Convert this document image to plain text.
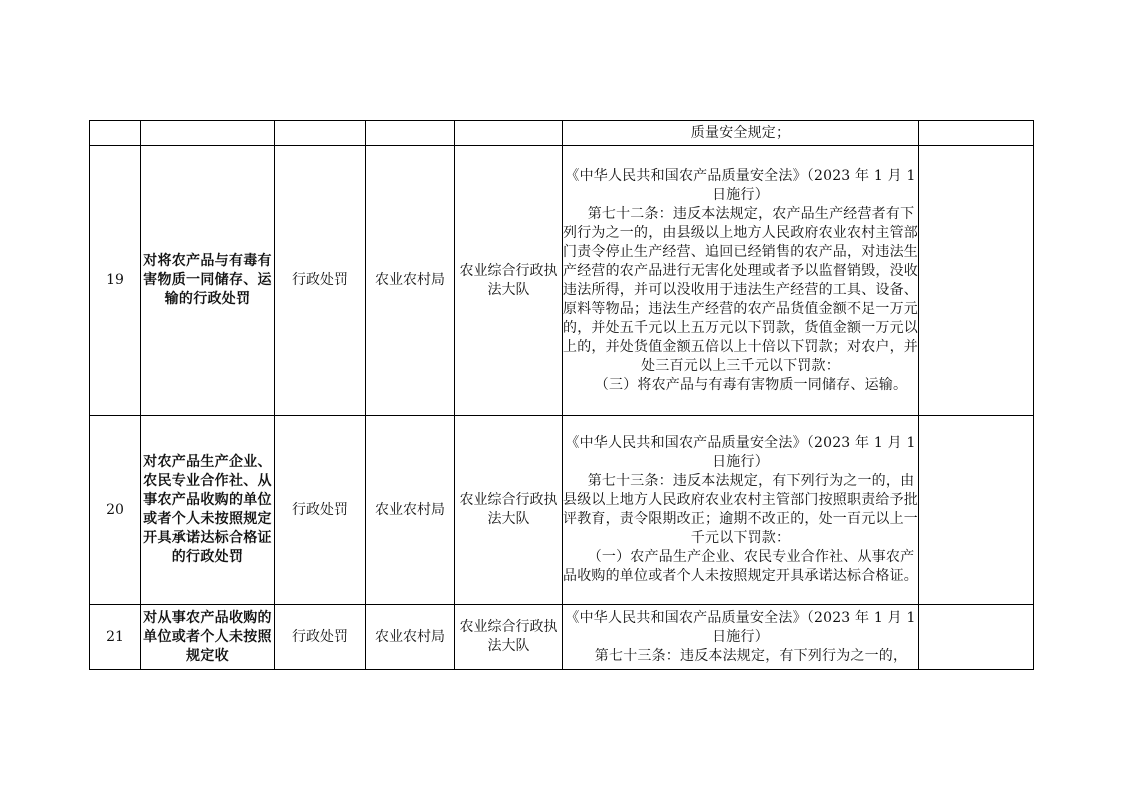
					质量安全规定；	

19	对将农产品与有毒有害物质一同储存、运输的行政处罚	行政处罚	农业农村局	农业综合行政执法大队	《中华人民共和国农产品质量安全法》（2023 年 1 月 1 日施行）

第七十二条：违反本法规定，农产品生产经营者有下列行为之一的，由县级以上地方人民政府农业农村主管部门责令停止生产经营、追回已经销售的农产品，对违法生产经营的农产品进行无害化处理或者予以监督销毁，没收违法所得，并可以没收用于违法生产经营的工具、设备、原料等物品；违法生产经营的农产品货值金额不足一万元的，并处五千元以上五万元以下罚款，货值金额一万元以上的，并处货值金额五倍以上十倍以下罚款；对农户，并处三百元以上三千元以下罚款：

（三）将农产品与有毒有害物质一同储存、运输。	

20	对农产品生产企业、农民专业合作社、从事农产品收购的单位或者个人未按照规定开具承诺达标合格证的行政处罚	行政处罚	农业农村局	农业综合行政执法大队	《中华人民共和国农产品质量安全法》（2023 年 1 月 1 日施行）

第七十三条：违反本法规定，有下列行为之一的，由县级以上地方人民政府农业农村主管部门按照职责给予批评教育，责令限期改正；逾期不改正的，处一百元以上一千元以下罚款：

（一）农产品生产企业、农民专业合作社、从事农产品收购的单位或者个人未按照规定开具承诺达标合格证。	

21	对从事农产品收购的单位或者个人未按照规定收	行政处罚	农业农村局	农业综合行政执法大队	《中华人民共和国农产品质量安全法》（2023 年 1 月 1 日施行）

第七十三条：违反本法规定，有下列行为之一的，	
